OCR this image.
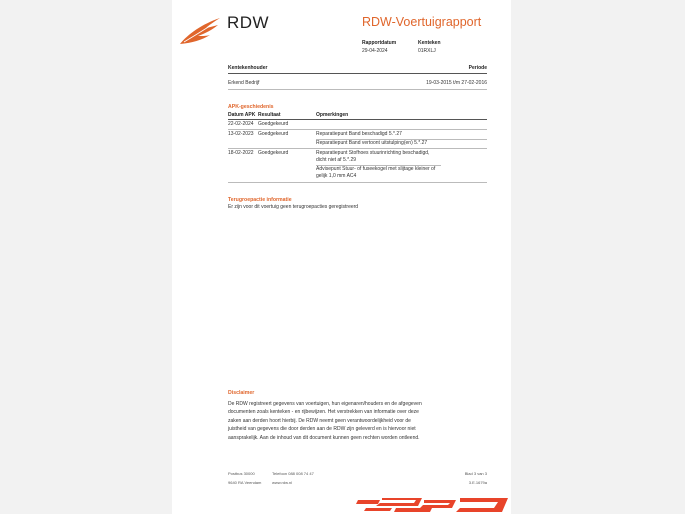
RDW	RDW-Voertuigrapport
Rapportdatum
29-04-2024
Kenteken
01RXLJ
Kentekenhouder	Periode
Erkend Bedrijf	19-03-2015 t/m 27-02-2016
APK-geschiedenis
Datum APK Resultaat	Opmerkingen
22-02-2024 Goedgekeurd
13-02-2023 Goedgekeurd	Reparatiepunt Band beschadigd 5.*.27
Reparatiepunt Band vertoont uitstulping(en) 5.*.27
18-02-2022 Goedgekeurd	Reparatiepunt Stofhoes stuurinrichting beschadigd, dicht niet af 5.*.29
Advisepunt Stuur- of fuseekogel met slijtage kleiner of gelijk 1,0 mm AC4
Terugroepactie informatie
Er zijn voor dit voertuig geen terugroepacties geregistreerd
Disclaimer
De RDW registreert gegevens van voertuigen, hun eigenaren/houders en de afgegeven documenten zoals kenteken - en rijbewijzen. Het verstrekken van informatie over deze zaken aan derden hoort hierbij. De RDW neemt geen verantwoordelijkheid voor de juistheid van gegevens die door derden aan de RDW zijn geleverd en is hiervoor niet aansprakelijk. Aan de inhoud van dit document kunnen geen rechten worden ontleend.
Postbus 30000
9640 RA Veendam
Telefoon 088 008 74 47
www.rdw.nl
Blad 3 van 3
3.E.1679a
